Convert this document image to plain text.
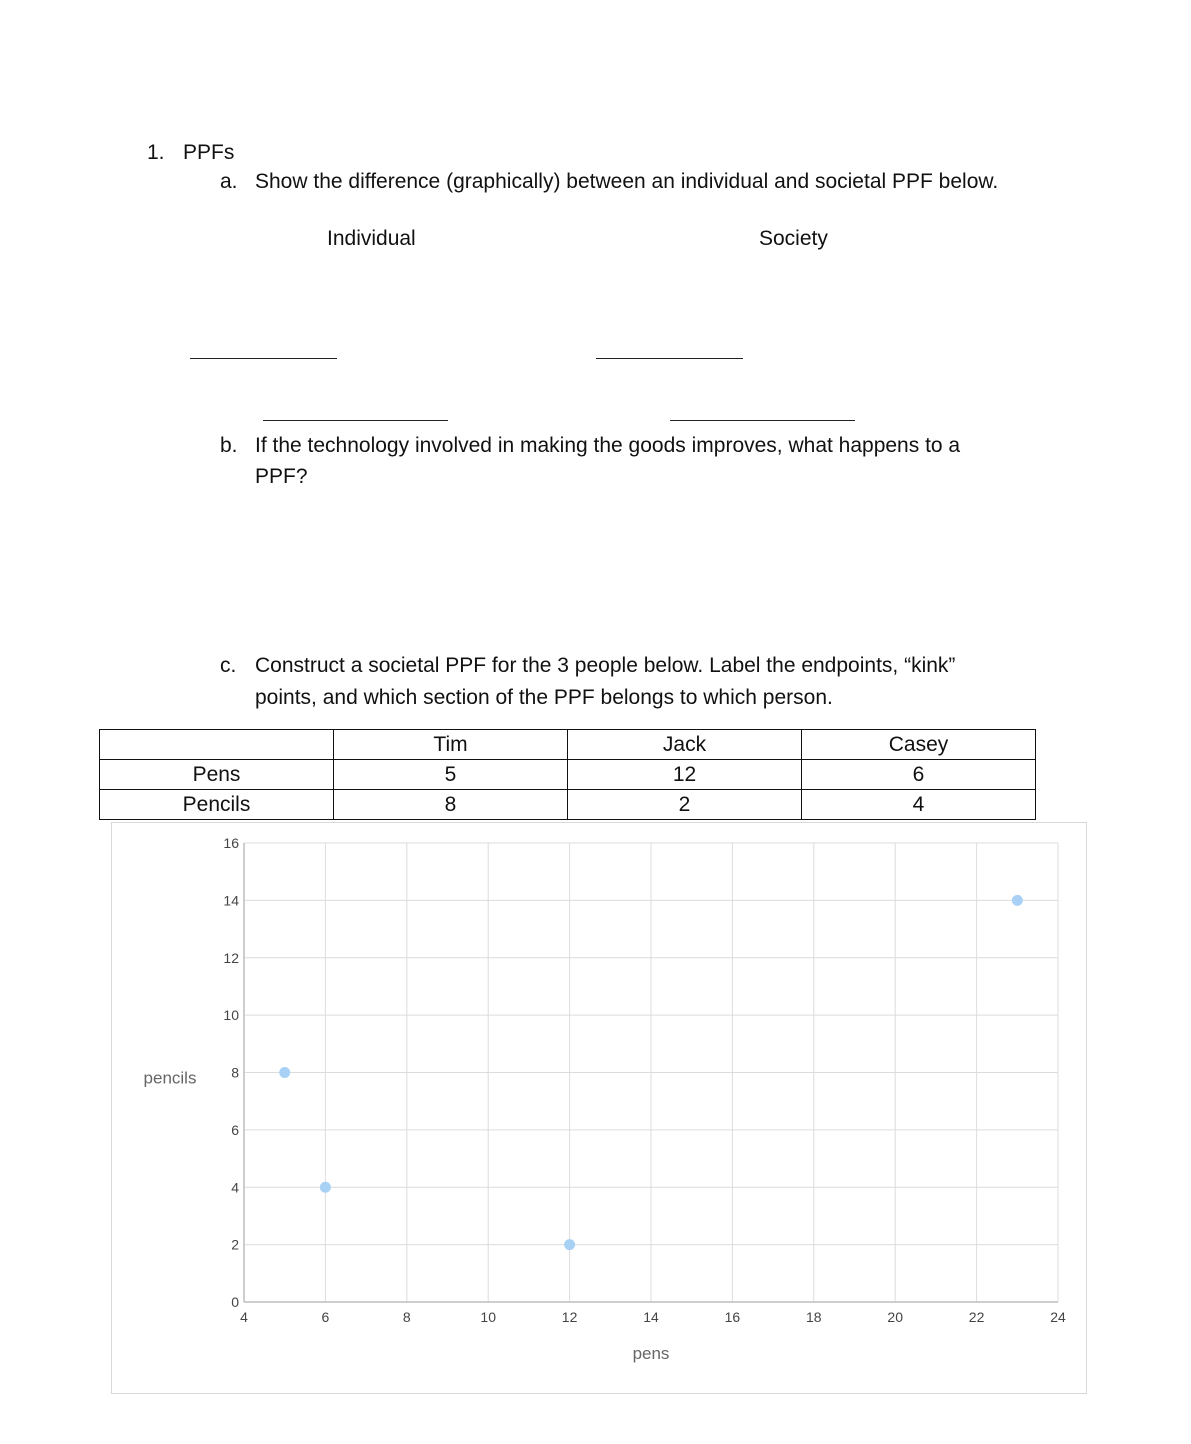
1. PPFs
a. Show the difference (graphically) between an individual and societal PPF below.
Individual	Society
b. If the technology involved in making the goods improves, what happens to a
PPF?
c. Construct a societal PPF for the 3 people below. Label the endpoints, “kink”
points, and which section of the PPF belongs to which person.
	Tim	Jack	Casey
Pens	5	12	6
Pencils	8	2	4
4	6	8	10	12	14	16	18	20	22	24
0
2
4
6
8
10
12
14
16
pens
pencils
